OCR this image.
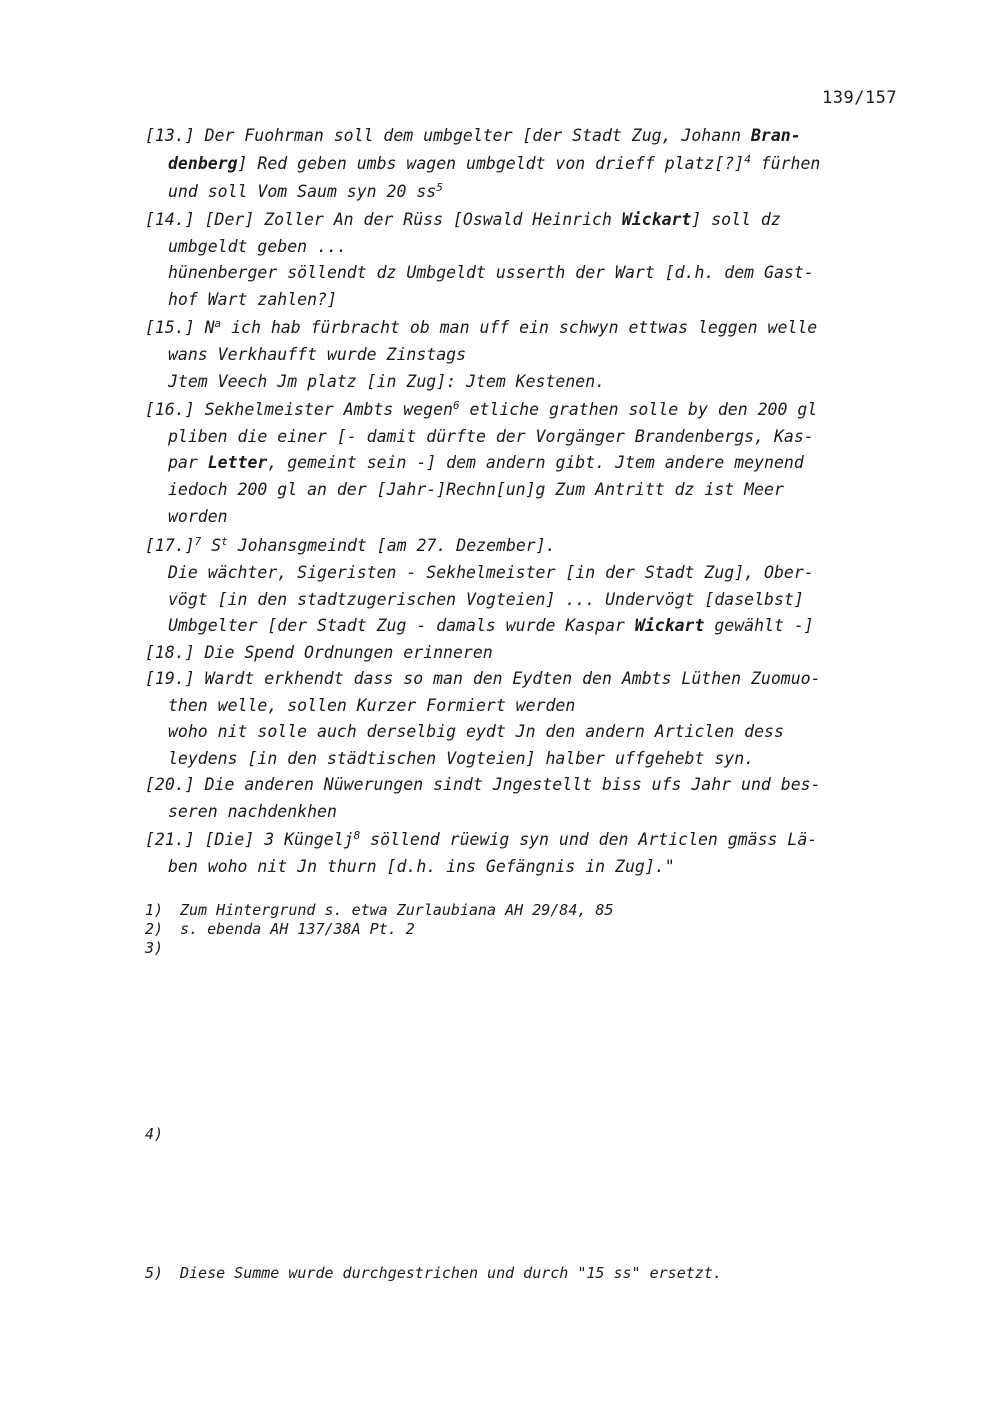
139/157
[13.] Der Fuohrman soll dem umbgelter [der Stadt Zug, Johann Bran-
denberg] Red geben umbs wagen umbgeldt von drieff platz[?]$^4$ fürhen
und soll Vom Saum syn 20 $ss^5$
[14.] [Der] Zoller An der Rüss [Oswald Heinrich Wickart] soll dz
umbgeldt geben ...
hünenberger söllendt dz Umbgeldt usserth der Wart [d.h. dem Gast-
hof Wart zahlen?]
[15.] $N^a$ ich hab fürbracht ob man uff ein schwyn ettwas leggen welle
wans Verkhaufft wurde Zinstags
Jtem Veech Jm platz [in Zug]: Jtem Kestenen.
[16.] Sekhelmeister Ambts wegen$^6$ etliche grathen solle by den 200 gl
pliben die einer [- damit dürfte der Vorgänger Brandenbergs, Kas-
par Letter, gemeint sein -] dem andern gibt. Jtem andere meynend
iedoch 200 gl an der [Jahr-]Rechn[un]g Zum Antritt dz ist Meer
worden
$[17.]^7$ $S^t$ Johansgmeindt [am 27. Dezember].
Die wächter, Sigeristen - Sekhelmeister [in der Stadt Zug], Ober-
vögt [in den stadtzugerischen Vogteien] ... Undervögt [daselbst]
Umbgelter [der Stadt Zug - damals wurde Kaspar Wickart gewählt -]
[18.] Die Spend Ordnungen erinneren
[19.] Wardt erkhendt dass so man den Eydten den Ambts Lüthen Zuomuo-
then welle, sollen Kurzer Formiert werden
woho nit solle auch derselbig eydt Jn den andern Articlen dess
leydens [in den städtischen Vogteien] halber uffgehebt syn.
[20.] Die anderen Nüwerungen sindt Jngestellt biss ufs Jahr und bes-
seren nachdenkhen
[21.] [Die] 3 Küngelj$^8$ söllend rüewig syn und den Articlen gmäss Lä-
ben woho nit Jn thurn [d.h. ins Gefängnis in Zug]."
1) Zum Hintergrund s. etwa Zurlaubiana AH 29/84, 85
2) s. ebenda AH 137/38A Pt. 2
3)
4)
5) Diese Summe wurde durchgestrichen und durch "15 ss" ersetzt.
